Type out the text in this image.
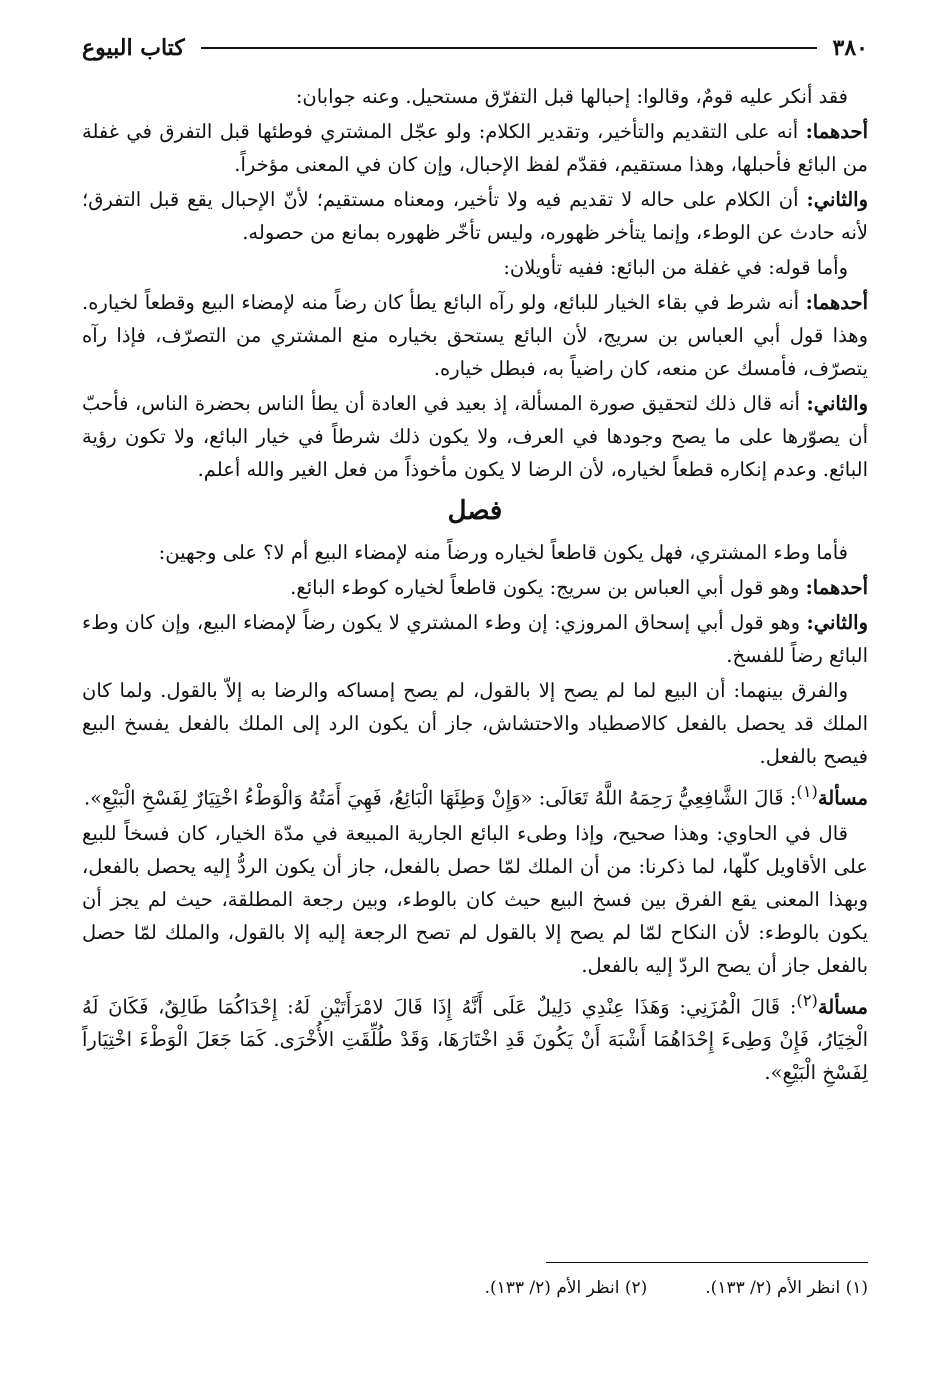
٣٨٠
كتاب البيوع

فقد أنكر عليه قومٌ، وقالوا: إحبالها قبل التفرّق مستحيل. وعنه جوابان:

أحدهما: أنه على التقديم والتأخير، وتقدير الكلام: ولو عجّل المشتري فوطئها قبل التفرق في غفلة من البائع فأحبلها، وهذا مستقيم، فقدّم لفظ الإحبال، وإن كان في المعنى مؤخراً.

والثاني: أن الكلام على حاله لا تقديم فيه ولا تأخير، ومعناه مستقيم؛ لأنّ الإحبال يقع قبل التفرق؛ لأنه حادث عن الوطء، وإنما يتأخر ظهوره، وليس تأخّر ظهوره بمانع من حصوله.

وأما قوله: في غفلة من البائع: ففيه تأويلان:

أحدهما: أنه شرط في بقاء الخيار للبائع، ولو رآه البائع يطأ كان رضاً منه لإمضاء البيع وقطعاً لخياره. وهذا قول أبي العباس بن سريج، لأن البائع يستحق بخياره منع المشتري من التصرّف، فإذا رآه يتصرّف، فأمسك عن منعه، كان راضياً به، فبطل خياره.

والثاني: أنه قال ذلك لتحقيق صورة المسألة، إذ بعيد في العادة أن يطأ الناس بحضرة الناس، فأحبّ أن يصوّرها على ما يصح وجودها في العرف، ولا يكون ذلك شرطاً في خيار البائع، ولا تكون رؤية البائع. وعدم إنكاره قطعاً لخياره، لأن الرضا لا يكون مأخوذاً من فعل الغير والله أعلم.

فصل

فأما وطء المشتري، فهل يكون قاطعاً لخياره ورضاً منه لإمضاء البيع أم لا؟ على وجهين:

أحدهما: وهو قول أبي العباس بن سريج: يكون قاطعاً لخياره كوطء البائع.

والثاني: وهو قول أبي إسحاق المروزي: إن وطء المشتري لا يكون رضاً لإمضاء البيع، وإن كان وطء البائع رضاً للفسخ.

والفرق بينهما: أن البيع لما لم يصح إلا بالقول، لم يصح إمساكه والرضا به إلاّ بالقول. ولما كان الملك قد يحصل بالفعل كالاصطياد والاحتشاش، جاز أن يكون الرد إلى الملك بالفعل يفسخ البيع فيصح بالفعل.

مسألة$^{(١)}$: قَالَ الشَّافِعِيُّ رَحِمَهُ اللَّهُ تَعَالَى: «وَإِنْ وَطِئَهَا الْبَائِعُ، فَهِيَ أَمَتُهُ وَالْوَطْءُ اخْتِيَارٌ لِفَسْخِ الْبَيْعِ».

قال في الحاوي: وهذا صحيح، وإذا وطىء البائع الجارية المبيعة في مدّة الخيار، كان فسخاً للبيع على الأقاويل كلّها، لما ذكرنا: من أن الملك لمّا حصل بالفعل، جاز أن يكون الردُّ إليه يحصل بالفعل، وبهذا المعنى يقع الفرق بين فسخ البيع حيث كان بالوطء، وبين رجعة المطلقة، حيث لم يجز أن يكون بالوطء: لأن النكاح لمّا لم يصح إلا بالقول لم تصح الرجعة إليه إلا بالقول، والملك لمّا حصل بالفعل جاز أن يصح الردّ إليه بالفعل.

مسألة$^{(٢)}$: قَالَ الْمُزَنِي: وَهَذَا عِنْدِي دَلِيلٌ عَلَى أَنَّهُ إِذَا قَالَ لامْرَأَتَيْنِ لَهُ: إِحْدَاكُمَا طَالِقٌ، فَكَانَ لَهُ الْخِيَارُ، فَإِنْ وَطِىءَ إِحْدَاهُمَا أَشْبَهَ أَنْ يَكُونَ قَدِ اخْتَارَهَا، وَقَدْ طُلِّقَتِ الأُخْرَى. كَمَا جَعَلَ الْوَطْءَ اخْتِيَاراً لِفَسْخِ الْبَيْعِ».

(١) انظر الأم (٢/ ١٣٣).
(٢) انظر الأم (٢/ ١٣٣).
